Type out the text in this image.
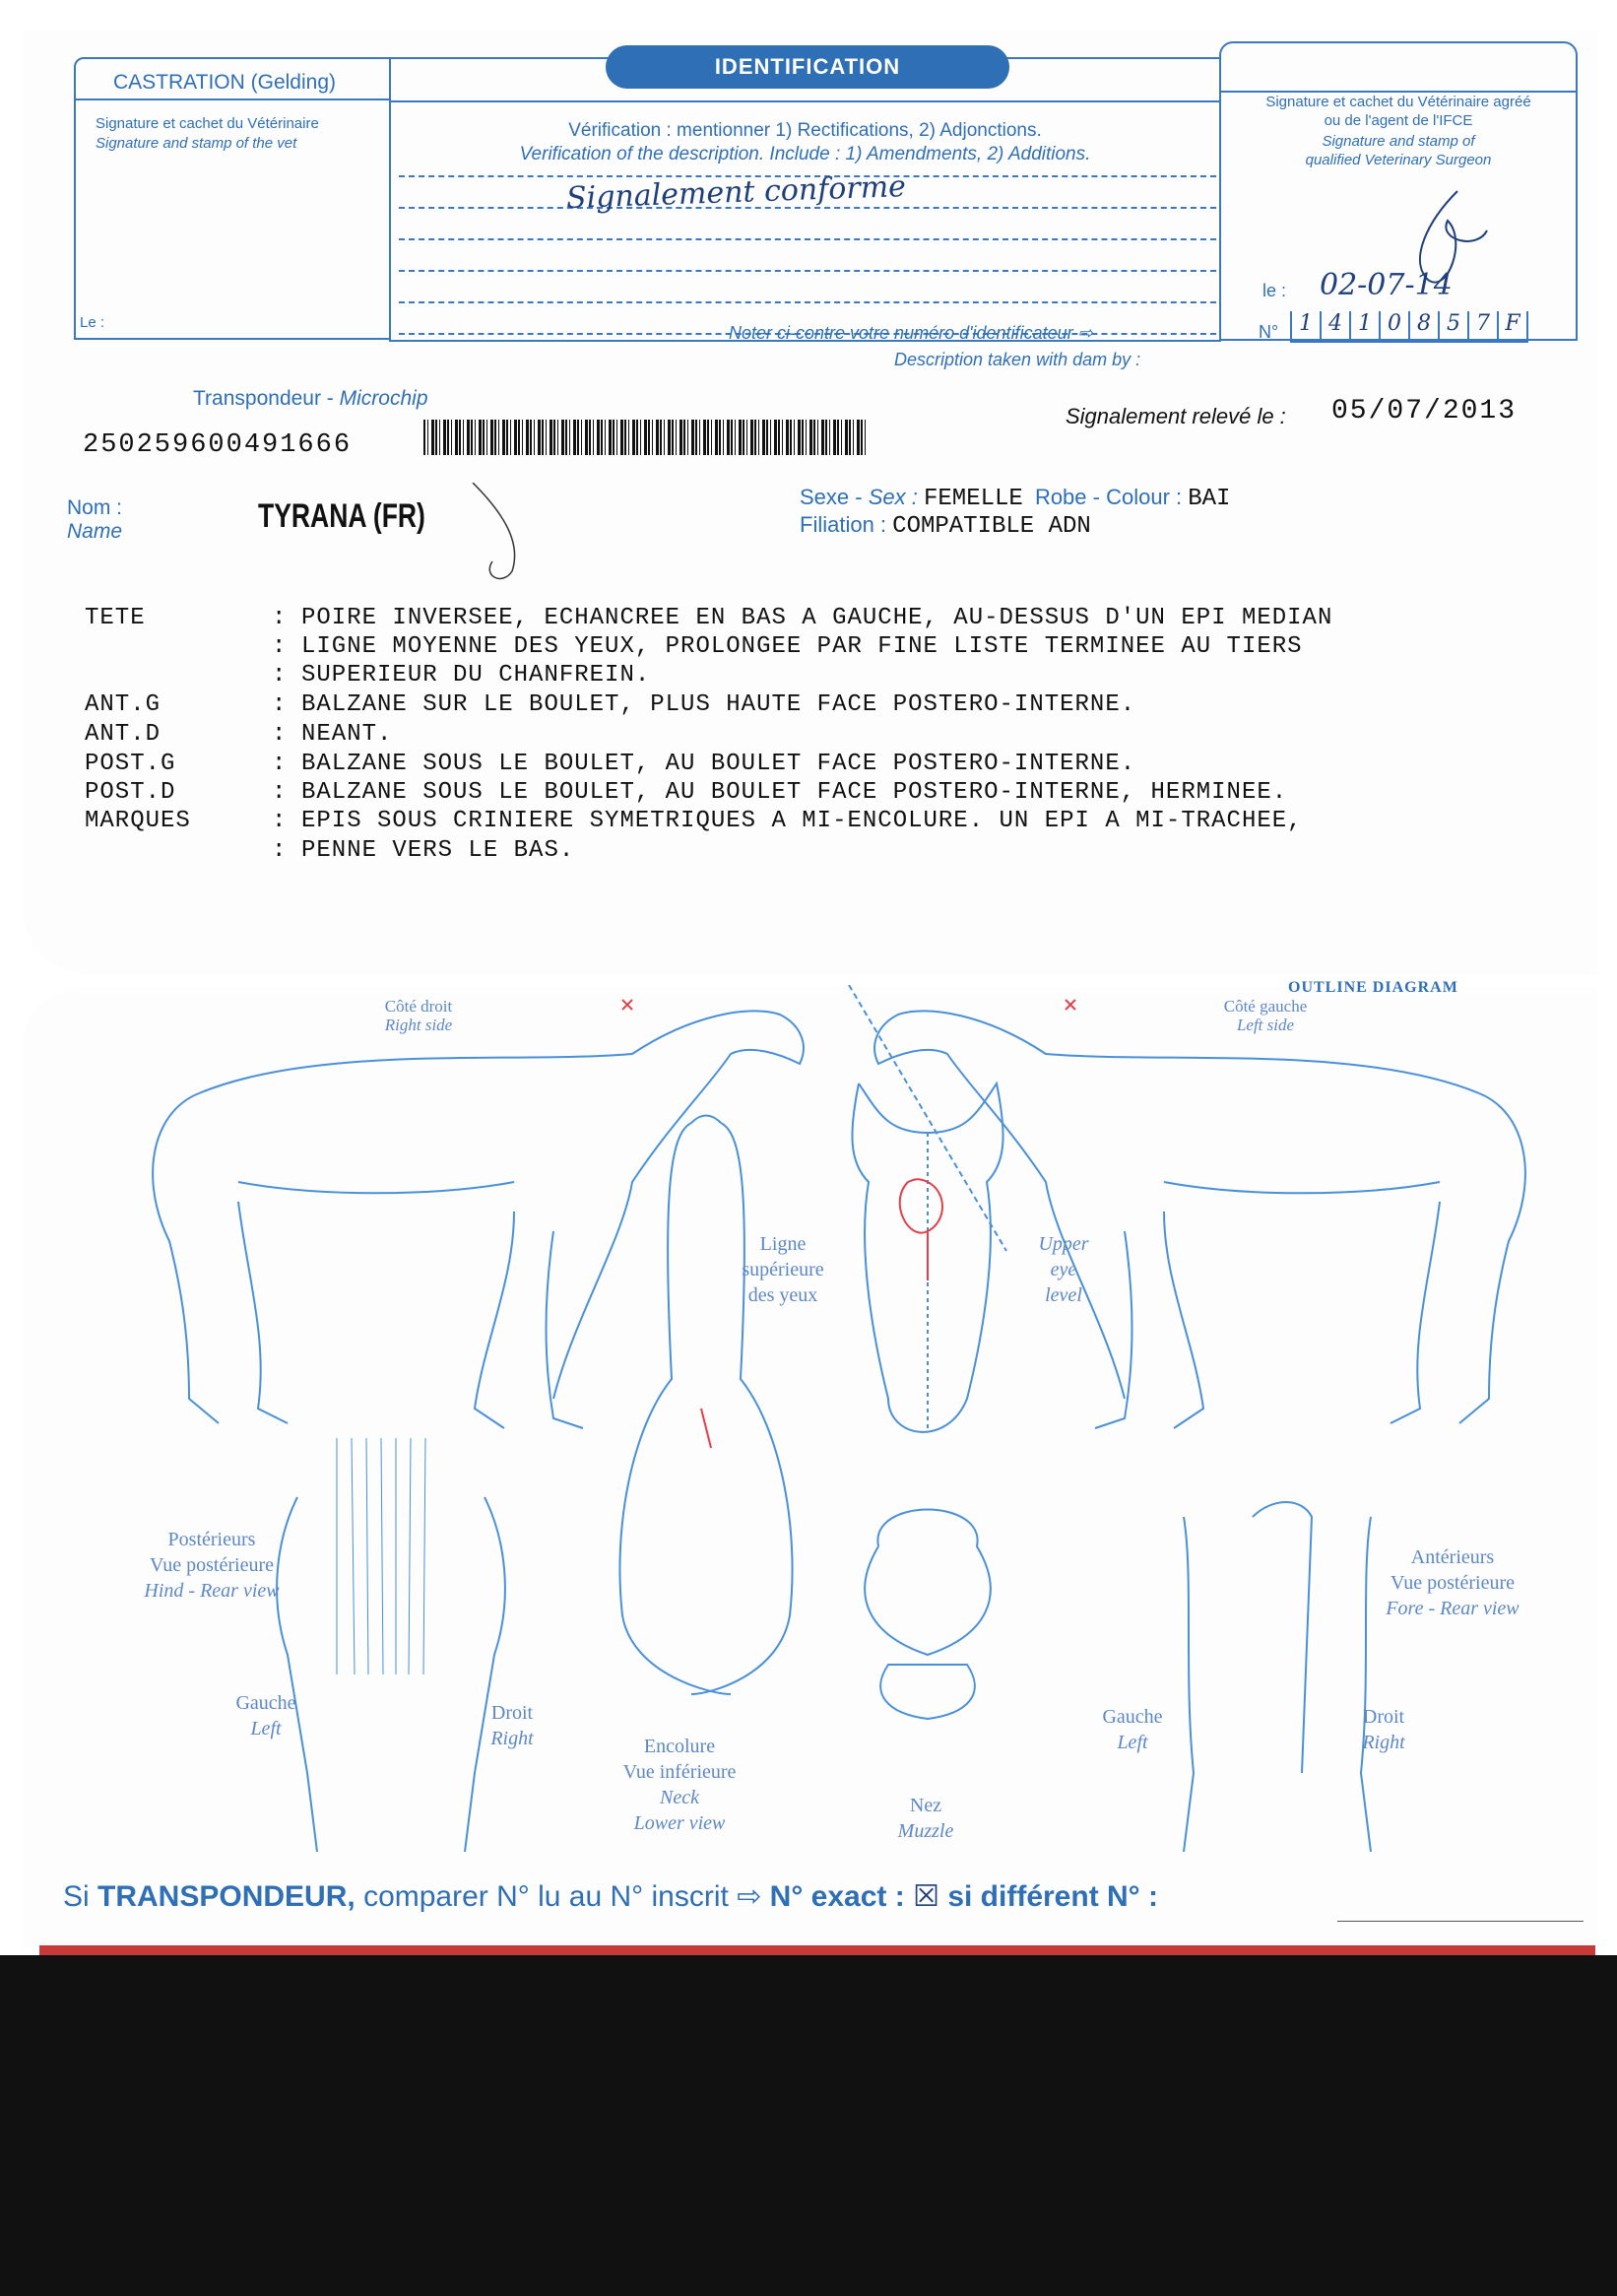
CASTRATION (Gelding)
Signature et cachet du Vétérinaire
Signature and stamp of the vet
Le :
IDENTIFICATION
Vérification : mentionner 1) Rectifications, 2) Adjonctions.
Verification of the description. Include : 1) Amendments, 2) Additions.
Signalement conforme
Noter ci-contre votre numéro d'identificateur ⇨
Description taken with dam by :
Signature et cachet du Vétérinaire agréé
ou de l'agent de l'IFCE
Signature and stamp of
qualified Veterinary Surgeon
le : 02-07-14
N° 1 4 1 0 8 5 7 F
Transpondeur - Microchip
250259600491666
Signalement relevé le : 05/07/2013
Nom :
Name	TYRANA (FR)
Sexe - Sex : FEMELLE Robe - Colour : BAI
Filiation : COMPATIBLE ADN
TETE	: POIRE INVERSEE, ECHANCREE EN BAS A GAUCHE, AU-DESSUS D'UN EPI MEDIAN
: LIGNE MOYENNE DES YEUX, PROLONGEE PAR FINE LISTE TERMINEE AU TIERS
: SUPERIEUR DU CHANFREIN.
ANT.G	: BALZANE SUR LE BOULET, PLUS HAUTE FACE POSTERO-INTERNE.
ANT.D	: NEANT.
POST.G	: BALZANE SOUS LE BOULET, AU BOULET FACE POSTERO-INTERNE.
POST.D	: BALZANE SOUS LE BOULET, AU BOULET FACE POSTERO-INTERNE, HERMINEE.
MARQUES	: EPIS SOUS CRINIERE SYMETRIQUES A MI-ENCOLURE. UN EPI A MI-TRACHEE,
: PENNE VERS LE BAS.
OUTLINE DIAGRAM
Côté droit
Right side
Côté gauche
Left side
Ligne
supérieure
des yeux
Upper
eye
level
Postérieurs
Vue postérieure
Hind - Rear view
Gauche
Left
Droit
Right	Encolure
Vue inférieure
Neck
Lower view
Nez
Muzzle
Antérieurs
Vue postérieure
Fore - Rear view
Gauche
Left
Droit
Right
Si TRANSPONDEUR, comparer N° lu au N° inscrit ⇨ N° exact : ☒ si différent N° :
